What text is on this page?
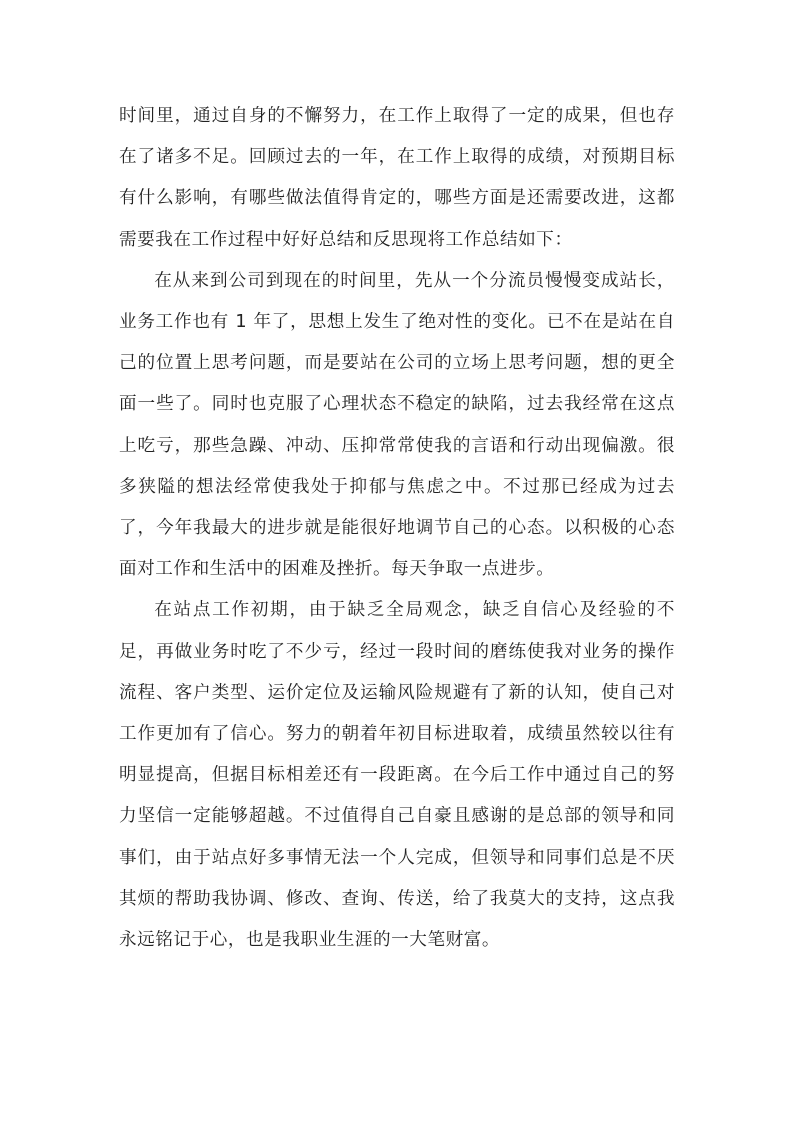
时间里，通过自身的不懈努力，在工作上取得了一定的成果，但也存在了诸多不足。回顾过去的一年，在工作上取得的成绩，对预期目标有什么影响，有哪些做法值得肯定的，哪些方面是还需要改进，这都需要我在工作过程中好好总结和反思现将工作总结如下：

在从来到公司到现在的时间里，先从一个分流员慢慢变成站长，业务工作也有 1 年了，思想上发生了绝对性的变化。已不在是站在自己的位置上思考问题，而是要站在公司的立场上思考问题，想的更全面一些了。同时也克服了心理状态不稳定的缺陷，过去我经常在这点上吃亏，那些急躁、冲动、压抑常常使我的言语和行动出现偏激。很多狭隘的想法经常使我处于抑郁与焦虑之中。不过那已经成为过去了，今年我最大的进步就是能很好地调节自己的心态。以积极的心态面对工作和生活中的困难及挫折。每天争取一点进步。

在站点工作初期，由于缺乏全局观念，缺乏自信心及经验的不足，再做业务时吃了不少亏，经过一段时间的磨练使我对业务的操作流程、客户类型、运价定位及运输风险规避有了新的认知，使自己对工作更加有了信心。努力的朝着年初目标进取着，成绩虽然较以往有明显提高，但据目标相差还有一段距离。在今后工作中通过自己的努力坚信一定能够超越。不过值得自己自豪且感谢的是总部的领导和同事们，由于站点好多事情无法一个人完成，但领导和同事们总是不厌其烦的帮助我协调、修改、查询、传送，给了我莫大的支持，这点我永远铭记于心，也是我职业生涯的一大笔财富。
